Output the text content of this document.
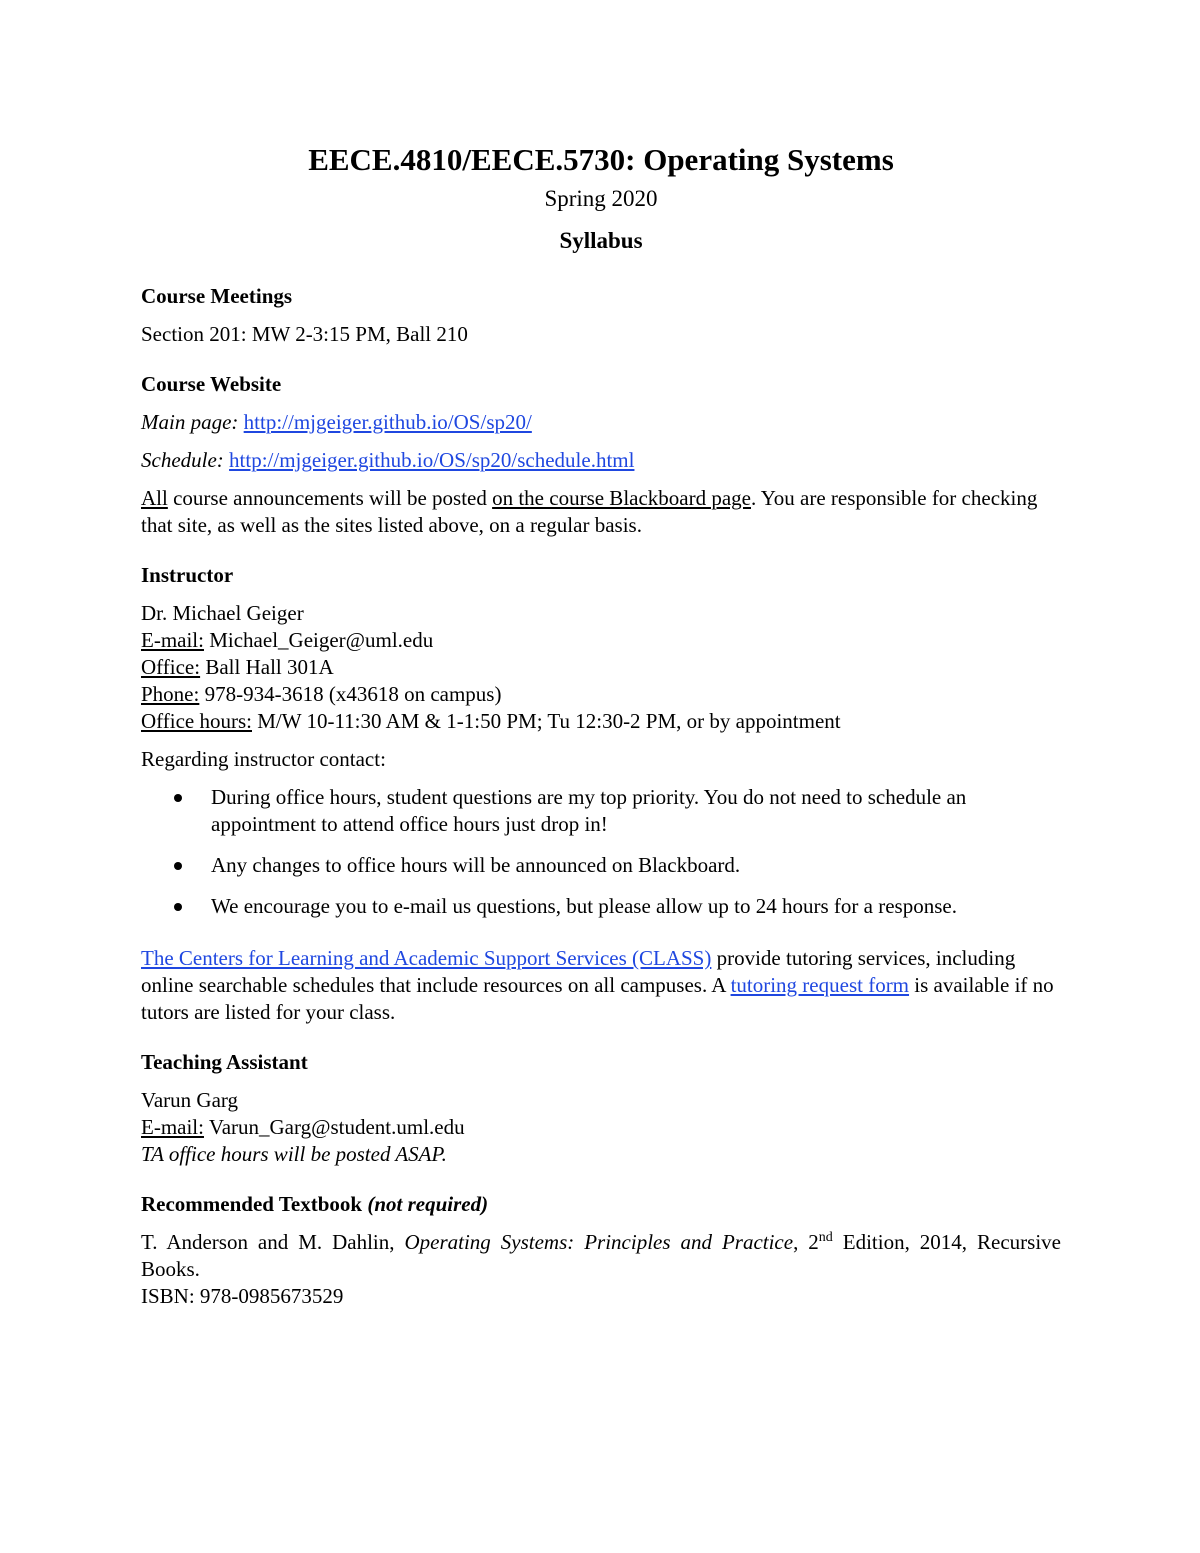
EECE.4810/EECE.5730: Operating Systems

Spring 2020

Syllabus

Course Meetings

Section 201: MW 2-3:15 PM, Ball 210

Course Website

Main page: http://mjgeiger.github.io/OS/sp20/

Schedule: http://mjgeiger.github.io/OS/sp20/schedule.html

All course announcements will be posted on the course Blackboard page. You are responsible for checking that site, as well as the sites listed above, on a regular basis.

Instructor

Dr. Michael Geiger

E-mail: Michael_Geiger@uml.edu

Office: Ball Hall 301A

Phone: 978-934-3618 (x43618 on campus)

Office hours: M/W 10-11:30 AM & 1-1:50 PM; Tu 12:30-2 PM, or by appointment

Regarding instructor contact:

During office hours, student questions are my top priority. You do not need to schedule an appointment to attend office hours just drop in!
Any changes to office hours will be announced on Blackboard.
We encourage you to e-mail us questions, but please allow up to 24 hours for a response.

The Centers for Learning and Academic Support Services (CLASS) provide tutoring services, including online searchable schedules that include resources on all campuses. A tutoring request form is available if no tutors are listed for your class.

Teaching Assistant

Varun Garg

E-mail: Varun_Garg@student.uml.edu

TA office hours will be posted ASAP.

Recommended Textbook (not required)

T. Anderson and M. Dahlin, Operating Systems: Principles and Practice, 2nd Edition, 2014, Recursive Books.

ISBN: 978-0985673529
